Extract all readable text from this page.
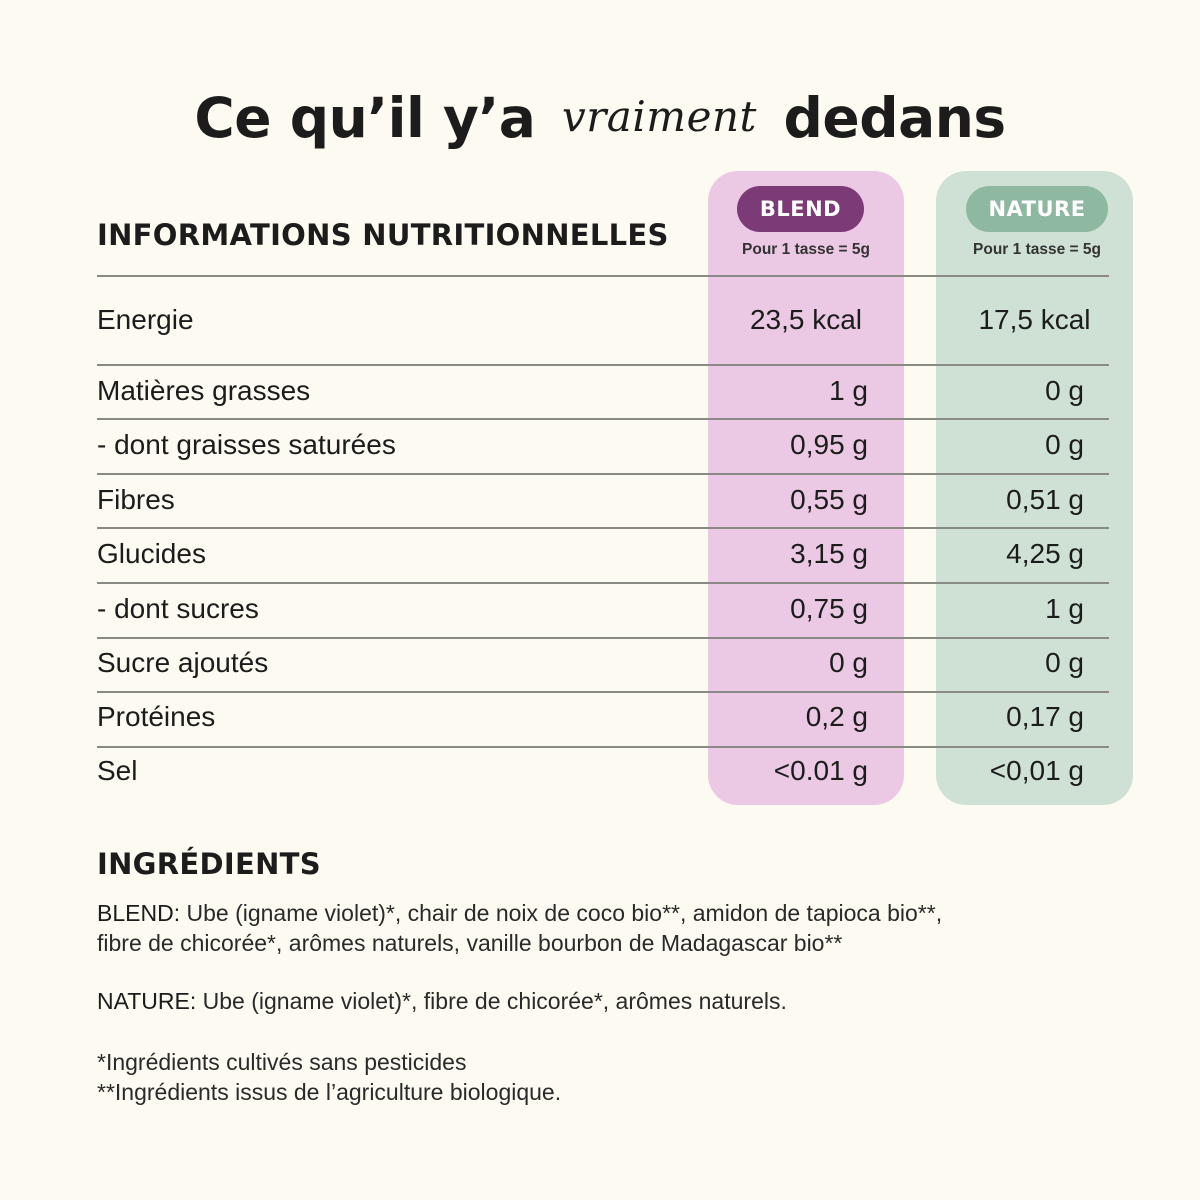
Ce qu’il y’a vraiment dedans
BLEND	NATURE
Pour 1 tasse = 5g	Pour 1 tasse = 5g
INFORMATIONS NUTRITIONNELLES
Energie	23,5 kcal	17,5 kcal
Matières grasses	1 g	0 g
- dont graisses saturées	0,95 g	0 g
Fibres	0,55 g	0,51 g
Glucides	3,15 g	4,25 g
- dont sucres	0,75 g	1 g
Sucre ajoutés	0 g	0 g
Protéines	0,2 g	0,17 g
Sel	<0.01 g	<0,01 g
INGRÉDIENTS
BLEND: Ube (igname violet)*, chair de noix de coco bio**, amidon de tapioca bio**,
fibre de chicorée*, arômes naturels, vanille bourbon de Madagascar bio**
NATURE: Ube (igname violet)*, fibre de chicorée*, arômes naturels.
*Ingrédients cultivés sans pesticides
**Ingrédients issus de l’agriculture biologique.
